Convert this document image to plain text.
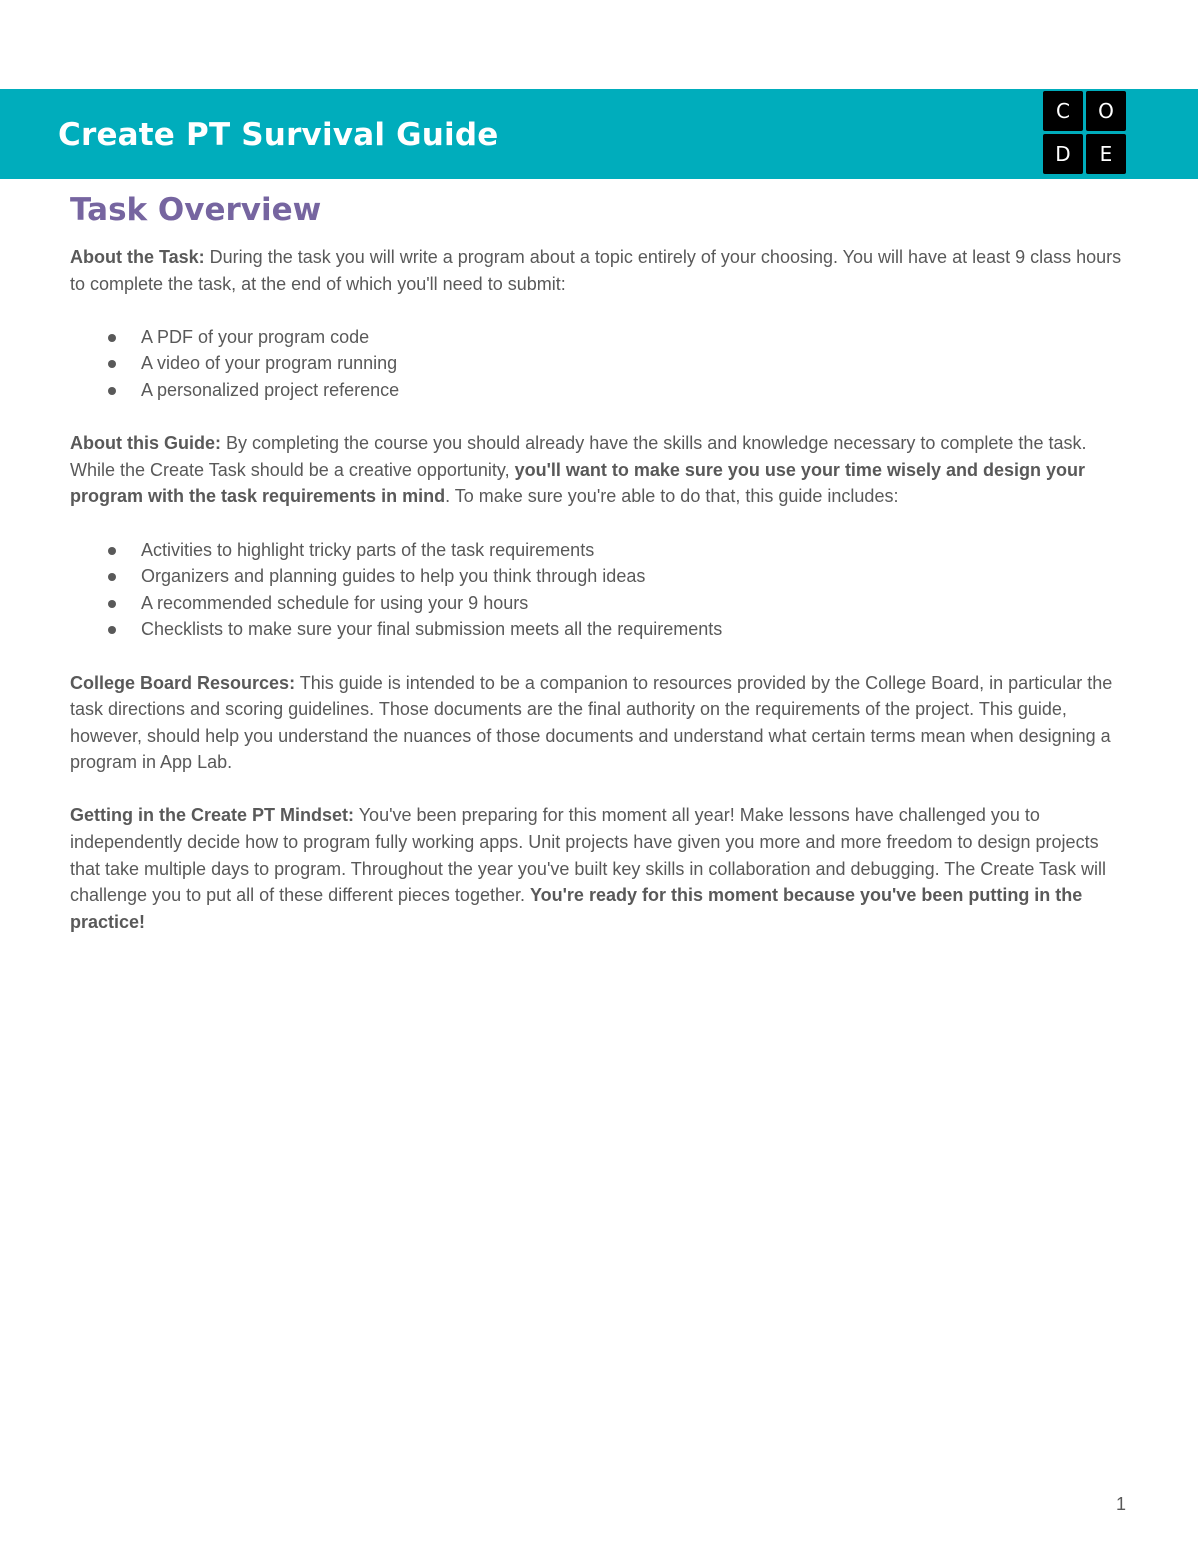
Create PT Survival Guide
C	O
D	E
Task Overview

About the Task: During the task you will write a program about a topic entirely of your choosing. You will have at least 9 class hours to complete the task, at the end of which you'll need to submit:

A PDF of your program code
A video of your program running
A personalized project reference

About this Guide: By completing the course you should already have the skills and knowledge necessary to complete the task. While the Create Task should be a creative opportunity, you'll want to make sure you use your time wisely and design your program with the task requirements in mind. To make sure you're able to do that, this guide includes:

Activities to highlight tricky parts of the task requirements
Organizers and planning guides to help you think through ideas
A recommended schedule for using your 9 hours
Checklists to make sure your final submission meets all the requirements

College Board Resources: This guide is intended to be a companion to resources provided by the College Board, in particular the task directions and scoring guidelines. Those documents are the final authority on the requirements of the project. This guide, however, should help you understand the nuances of those documents and understand what certain terms mean when designing a program in App Lab.

Getting in the Create PT Mindset: You've been preparing for this moment all year! Make lessons have challenged you to independently decide how to program fully working apps. Unit projects have given you more and more freedom to design projects that take multiple days to program. Throughout the year you've built key skills in collaboration and debugging. The Create Task will challenge you to put all of these different pieces together. You're ready for this moment because you've been putting in the practice!

1
